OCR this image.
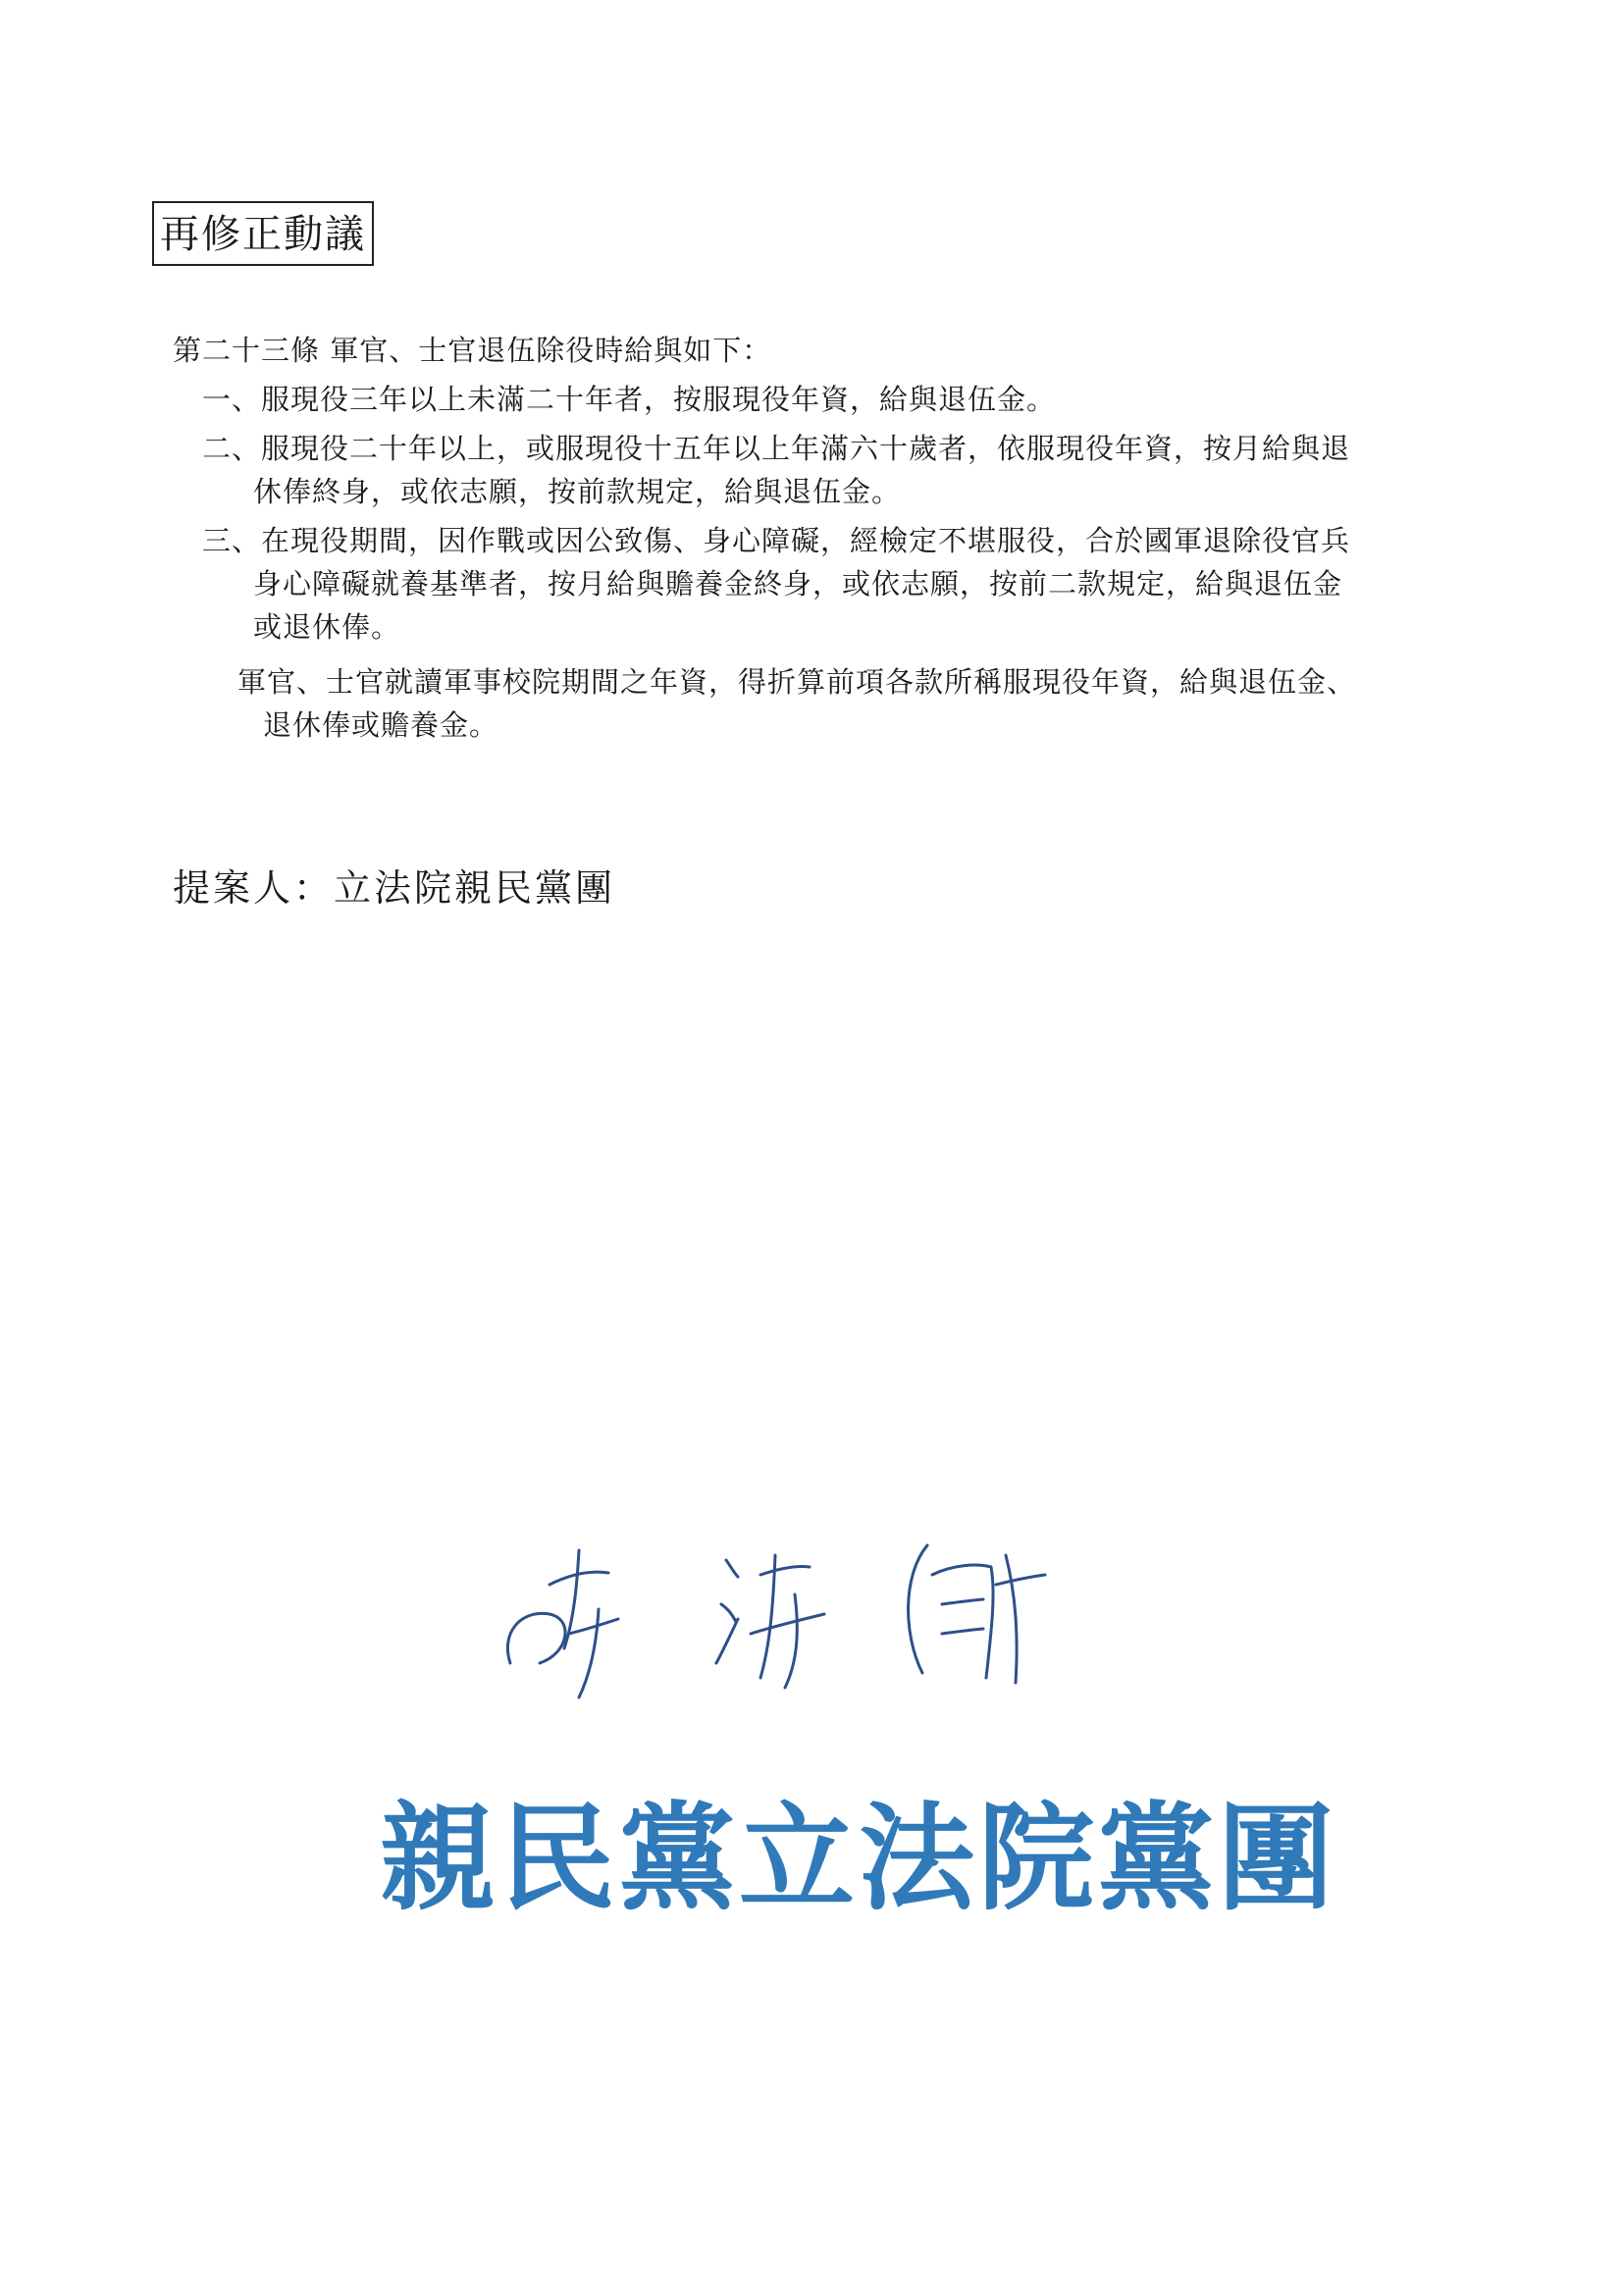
再修正動議
第二十三條 軍官、士官退伍除役時給與如下：
一、服現役三年以上未滿二十年者，按服現役年資，給與退伍金。
二、服現役二十年以上，或服現役十五年以上年滿六十歲者，依服現役年資，按月給與退
休俸終身，或依志願，按前款規定，給與退伍金。
三、在現役期間，因作戰或因公致傷、身心障礙，經檢定不堪服役，合於國軍退除役官兵
身心障礙就養基準者，按月給與贍養金終身，或依志願，按前二款規定，給與退伍金
或退休俸。
軍官、士官就讀軍事校院期間之年資，得折算前項各款所稱服現役年資，給與退伍金、
退休俸或贍養金。
提案人：立法院親民黨團
親民黨立法院黨團
